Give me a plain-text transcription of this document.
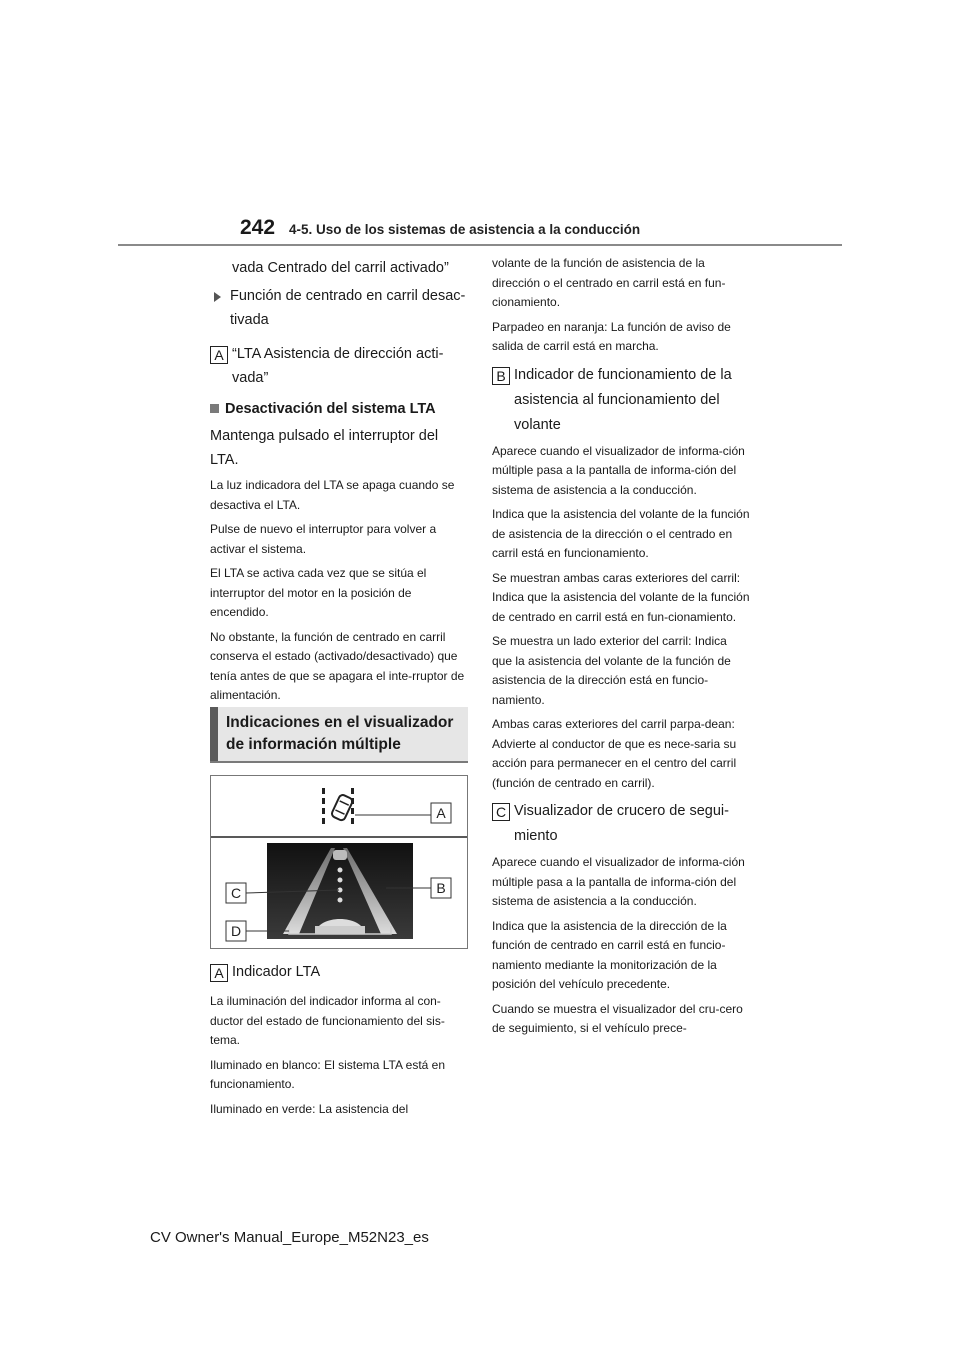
242 4-5. Uso de los sistemas de asistencia a la conducción

vada Centrado del carril activado”

Función de centrado en carril desac-tivada
A “LTA Asistencia de dirección acti-vada”
Desactivación del sistema LTA

Mantenga pulsado el interruptor del LTA.

La luz indicadora del LTA se apaga cuando se desactiva el LTA.

Pulse de nuevo el interruptor para volver a activar el sistema.

El LTA se activa cada vez que se sitúa el interruptor del motor en la posición de encendido.

No obstante, la función de centrado en carril conserva el estado (activado/desactivado) que tenía antes de que se apagara el inte-rruptor de alimentación.

Indicaciones en el visualizador de información múltiple
A
B
C
D
A Indicador LTA

La iluminación del indicador informa al con-ductor del estado de funcionamiento del sis-tema.

Iluminado en blanco: El sistema LTA está en funcionamiento.

Iluminado en verde: La asistencia del

volante de la función de asistencia de la dirección o el centrado en carril está en fun-cionamiento.

Parpadeo en naranja: La función de aviso de salida de carril está en marcha.

B Indicador de funcionamiento de la asistencia al funcionamiento del volante

Aparece cuando el visualizador de informa-ción múltiple pasa a la pantalla de informa-ción del sistema de asistencia a la conducción.

Indica que la asistencia del volante de la función de asistencia de la dirección o el centrado en carril está en funcionamiento.

Se muestran ambas caras exteriores del carril: Indica que la asistencia del volante de la función de centrado en carril está en fun-cionamiento.

Se muestra un lado exterior del carril: Indica que la asistencia del volante de la función de asistencia de la dirección está en funcio-namiento.

Ambas caras exteriores del carril parpa-dean: Advierte al conductor de que es nece-saria su acción para permanecer en el centro del carril (función de centrado en carril).

C Visualizador de crucero de segui-miento

Aparece cuando el visualizador de informa-ción múltiple pasa a la pantalla de informa-ción del sistema de asistencia a la conducción.

Indica que la asistencia de la dirección de la función de centrado en carril está en funcio-namiento mediante la monitorización de la posición del vehículo precedente.

Cuando se muestra el visualizador del cru-cero de seguimiento, si el vehículo prece-

CV Owner's Manual_Europe_M52N23_es
